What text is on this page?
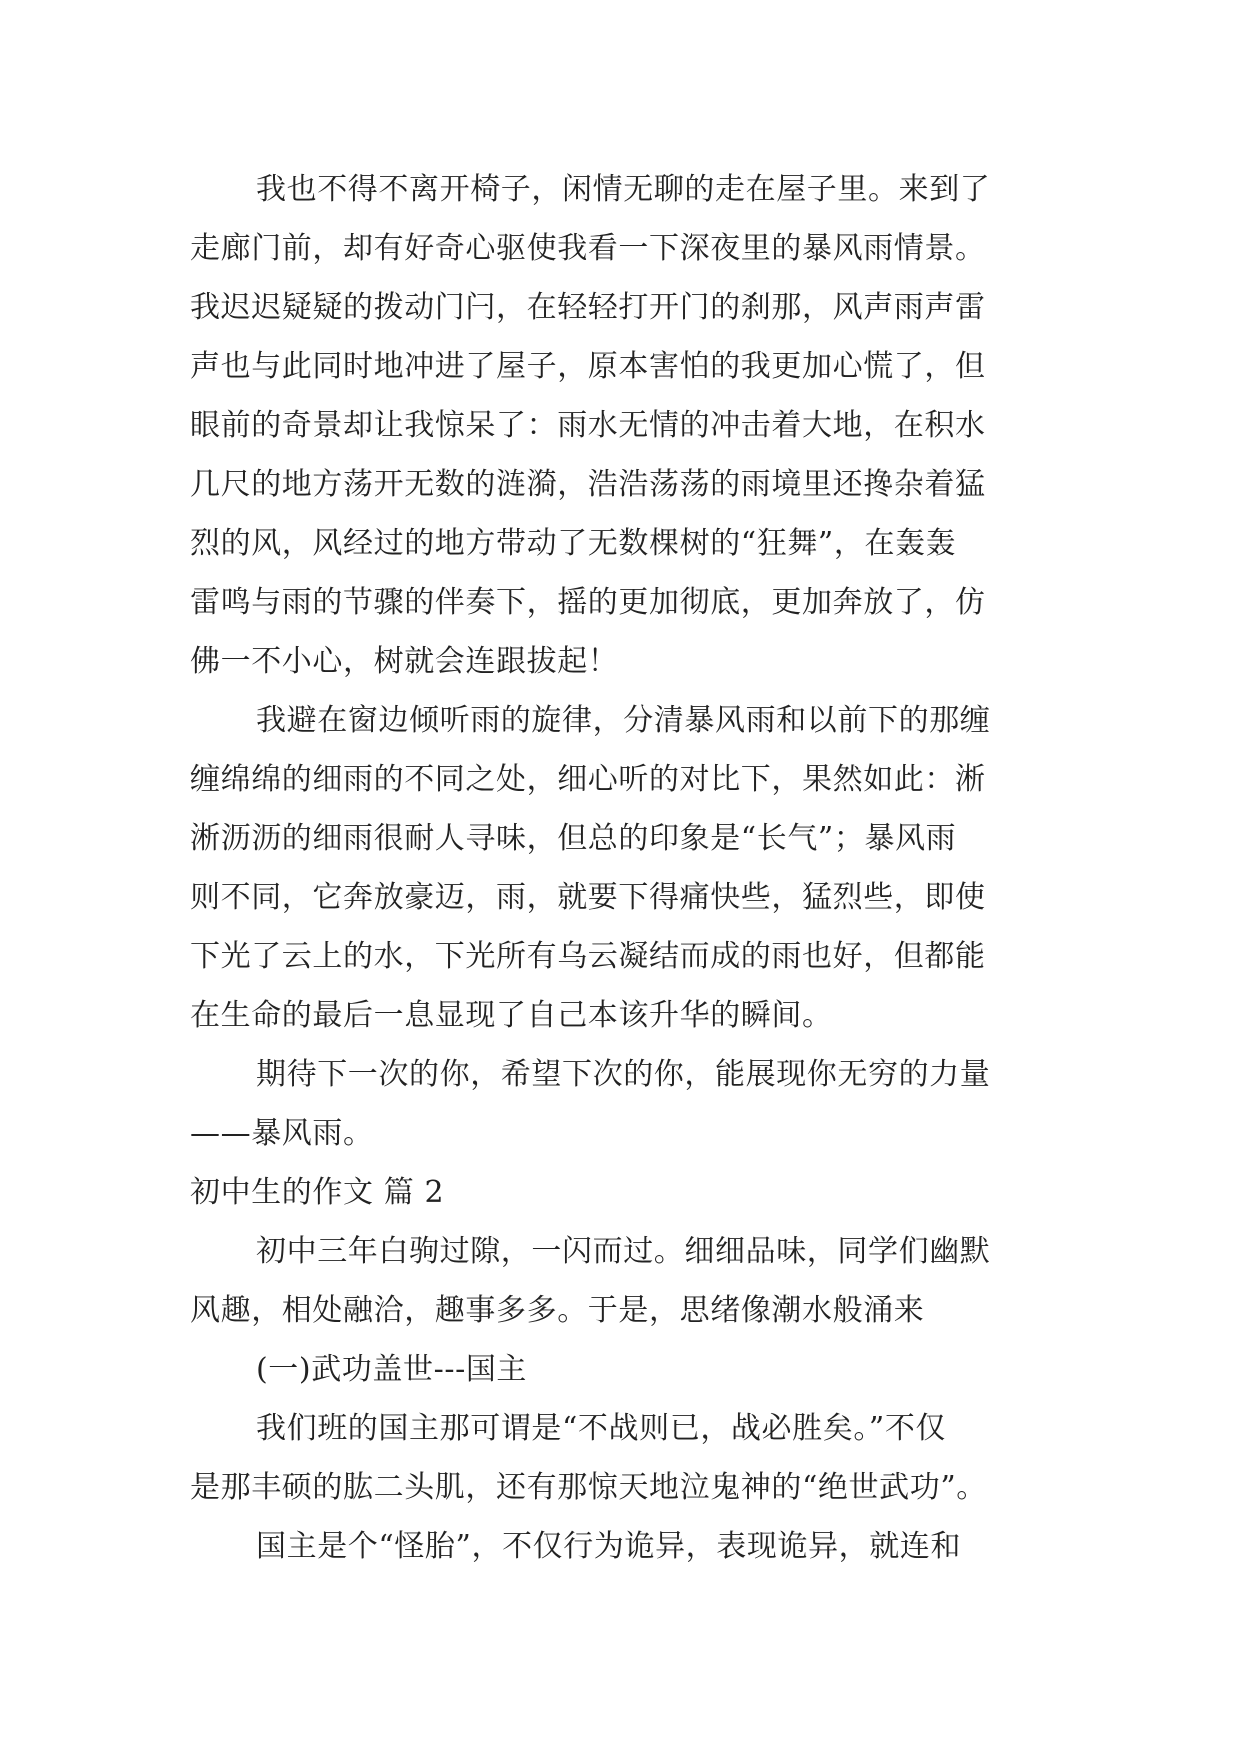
我也不得不离开椅子，闲情无聊的走在屋子里。来到了
走廊门前，却有好奇心驱使我看一下深夜里的暴风雨情景。
我迟迟疑疑的拨动门闩，在轻轻打开门的刹那，风声雨声雷
声也与此同时地冲进了屋子，原本害怕的我更加心慌了，但
眼前的奇景却让我惊呆了：雨水无情的冲击着大地，在积水
几尺的地方荡开无数的涟漪，浩浩荡荡的雨境里还搀杂着猛
烈的风，风经过的地方带动了无数棵树的“狂舞”，在轰轰
雷鸣与雨的节骤的伴奏下，摇的更加彻底，更加奔放了，仿
佛一不小心，树就会连跟拔起！
我避在窗边倾听雨的旋律，分清暴风雨和以前下的那缠
缠绵绵的细雨的不同之处，细心听的对比下，果然如此：淅
淅沥沥的细雨很耐人寻味，但总的印象是“长气”；暴风雨
则不同，它奔放豪迈，雨，就要下得痛快些，猛烈些，即使
下光了云上的水，下光所有乌云凝结而成的雨也好，但都能
在生命的最后一息显现了自己本该升华的瞬间。
期待下一次的你，希望下次的你，能展现你无穷的力量
——暴风雨。
初中生的作文 篇 2
初中三年白驹过隙，一闪而过。细细品味，同学们幽默
风趣，相处融洽，趣事多多。于是，思绪像潮水般涌来
(一)武功盖世---国主
我们班的国主那可谓是“不战则已，战必胜矣。”不仅
是那丰硕的肱二头肌，还有那惊天地泣鬼神的“绝世武功”。
国主是个“怪胎”，不仅行为诡异，表现诡异，就连和
